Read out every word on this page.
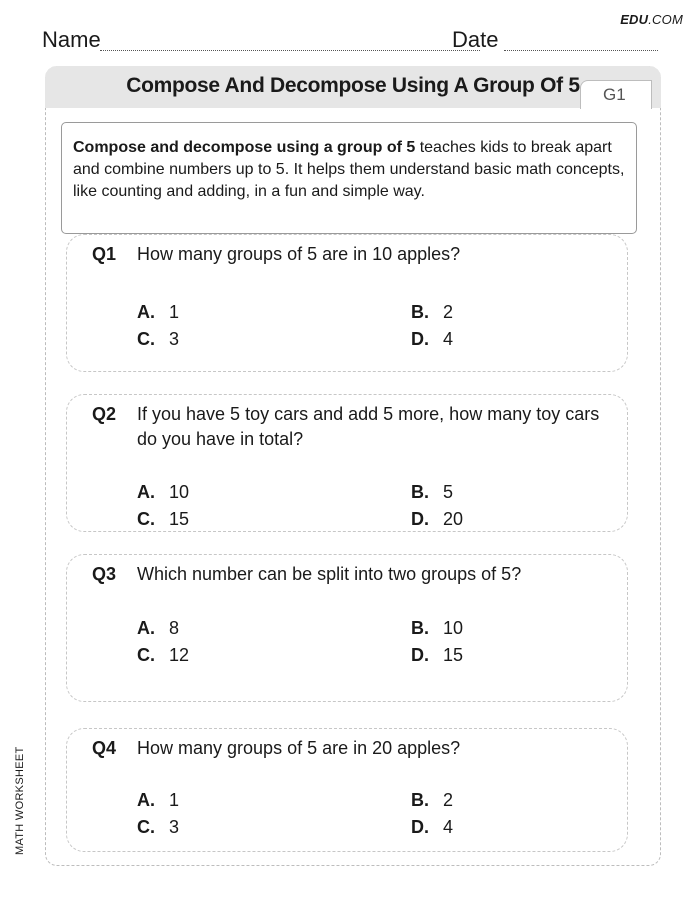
EDU.COM
Name	Date
Compose And Decompose Using A Group Of 5	G1
MATH WORKSHEET
Compose and decompose using a group of 5 teaches kids to break apart and combine numbers up to 5. It helps them understand basic math concepts, like counting and adding, in a fun and simple way.
Q1 How many groups of 5 are in 10 apples?
A. 1	B. 2
C. 3	D. 4
Q2 If you have 5 toy cars and add 5 more, how many toy cars do you have in total?
A. 10	B. 5
C. 15	D. 20
Q3 Which number can be split into two groups of 5?
A. 8	B. 10
C. 12	D. 15
Q4 How many groups of 5 are in 20 apples?
A. 1	B. 2
C. 3	D. 4
